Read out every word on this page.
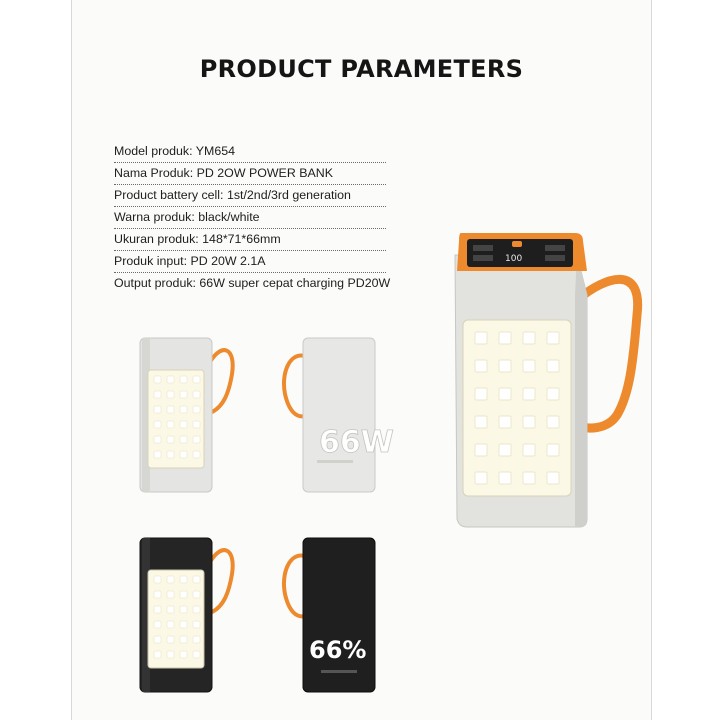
PRODUCT PARAMETERS
Model produk: YM654
Nama Produk: PD 2OW POWER BANK
Product battery cell: 1st/2nd/3rd generation
Warna produk: black/white
Ukuran produk: 148*71*66mm
Produk input: PD 20W 2.1A
Output produk: 66W super cepat charging PD20W
66W
66%
100
